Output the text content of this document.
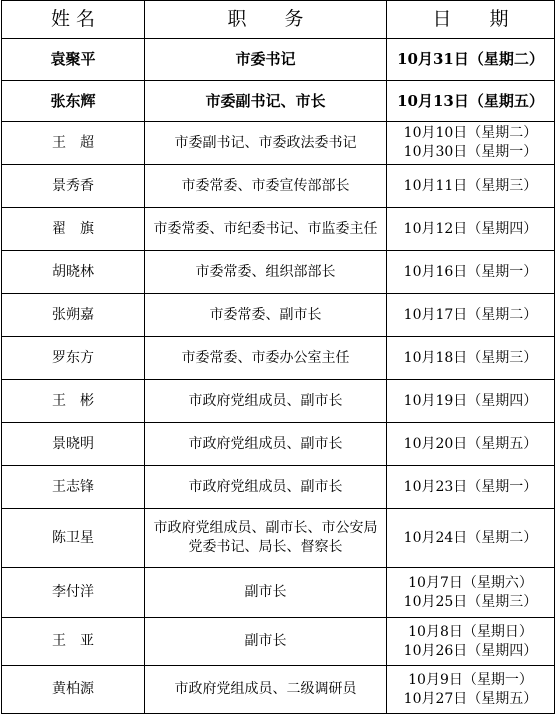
姓 名	职　　务	日　　期
袁聚平	市委书记	10月31日（星期二）

张东辉	市委副书记、市长	10月13日（星期五）

王　超	市委副书记、市委政法委书记	10月10日（星期二）
10月30日（星期一）

景秀香	市委常委、市委宣传部部长	10月11日（星期三）

翟　旗	市委常委、市纪委书记、市监委主任	10月12日（星期四）

胡晓林	市委常委、组织部部长	10月16日（星期一）

张朔嘉	市委常委、副市长	10月17日（星期二）

罗东方	市委常委、市委办公室主任	10月18日（星期三）

王　彬	市政府党组成员、副市长	10月19日（星期四）

景晓明	市政府党组成员、副市长	10月20日（星期五）

王志锋	市政府党组成员、副市长	10月23日（星期一）

陈卫星	市政府党组成员、副市长、市公安局党委书记、局长、督察长	10月24日（星期二）

李付洋	副市长	10月7日（星期六）
10月25日（星期三）

王　亚	副市长	10月8日（星期日）
10月26日（星期四）

黄柏源	市政府党组成员、二级调研员	10月9日（星期一）
10月27日（星期五）
